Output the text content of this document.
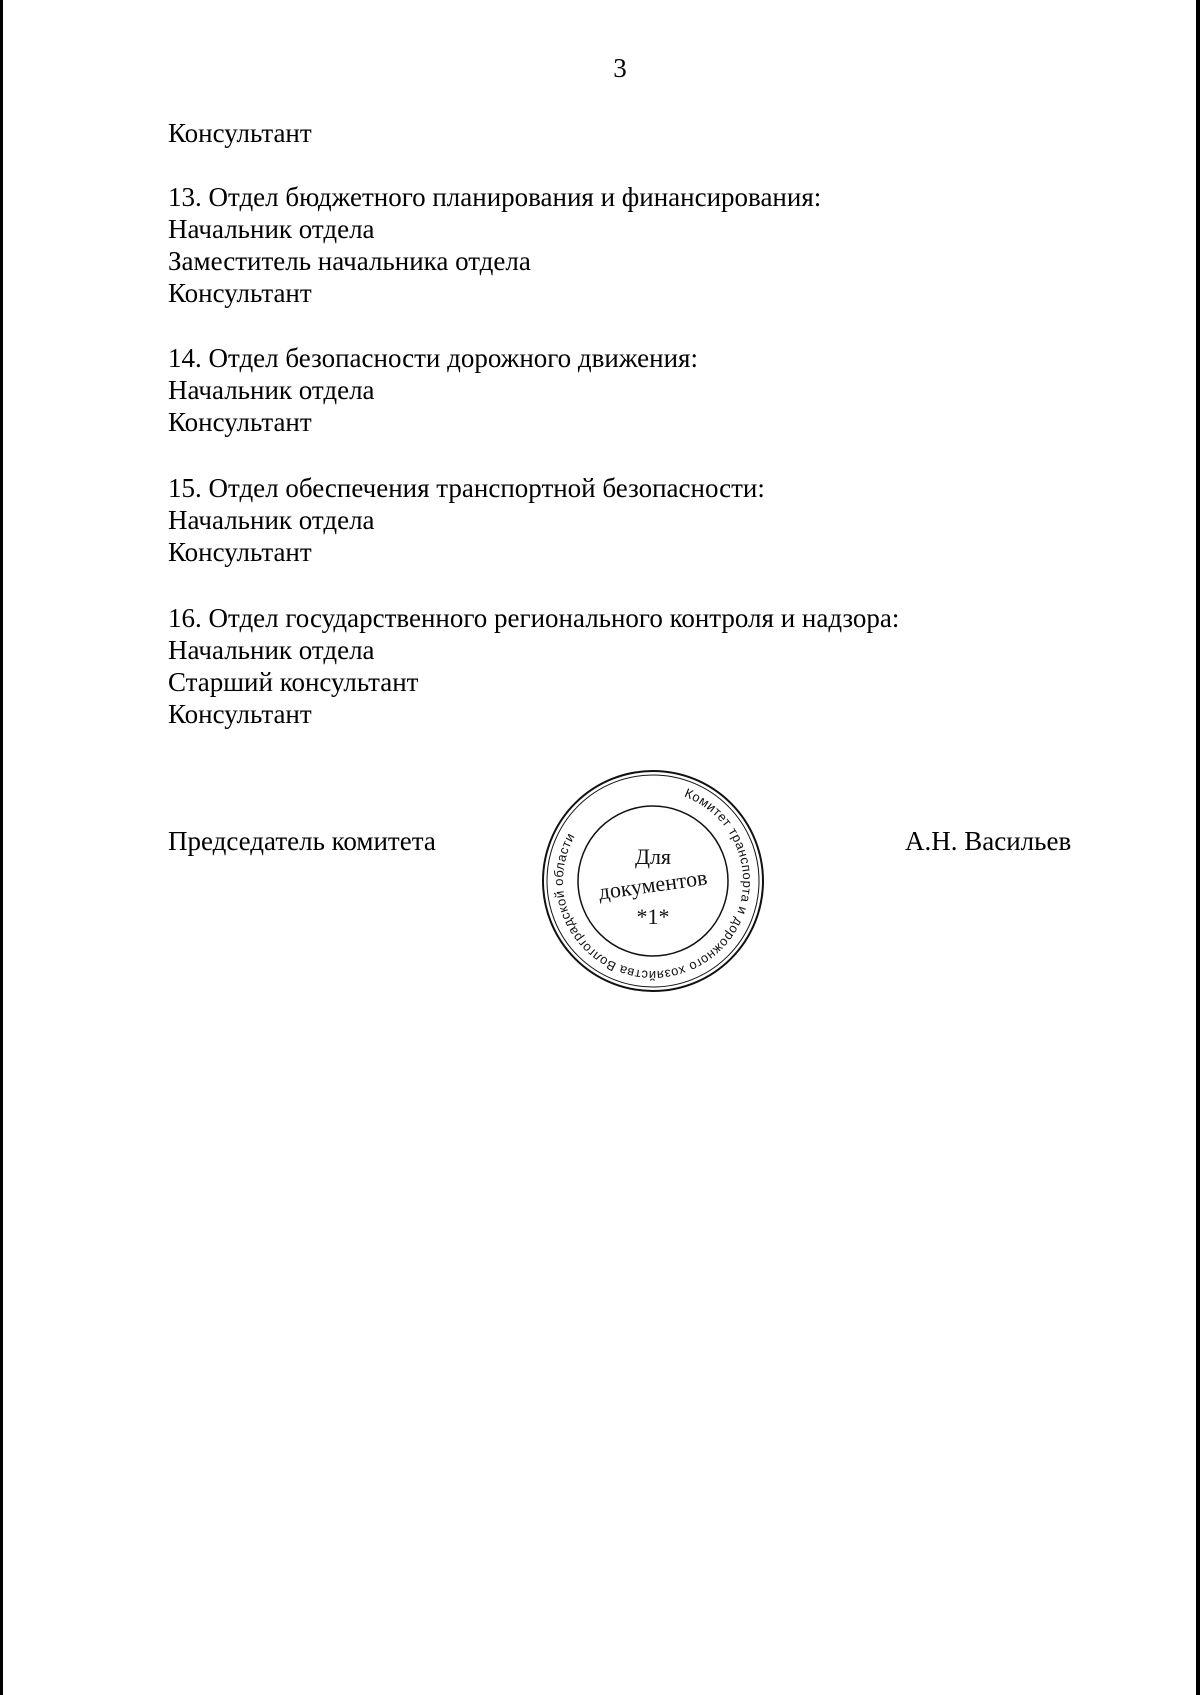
3
Консультант
13. Отдел бюджетного планирования и финансирования:
Начальник отдела
Заместитель начальника отдела
Консультант
14. Отдел безопасности дорожного движения:
Начальник отдела
Консультант
15. Отдел обеспечения транспортной безопасности:
Начальник отдела
Консультант
16. Отдел государственного регионального контроля и надзора:
Начальник отдела
Старший консультант
Консультант
Председатель комитета	А.Н. Васильев
Комитет транспорта и дорожного хозяйства Волгоградской области
Для
документов
*1*
